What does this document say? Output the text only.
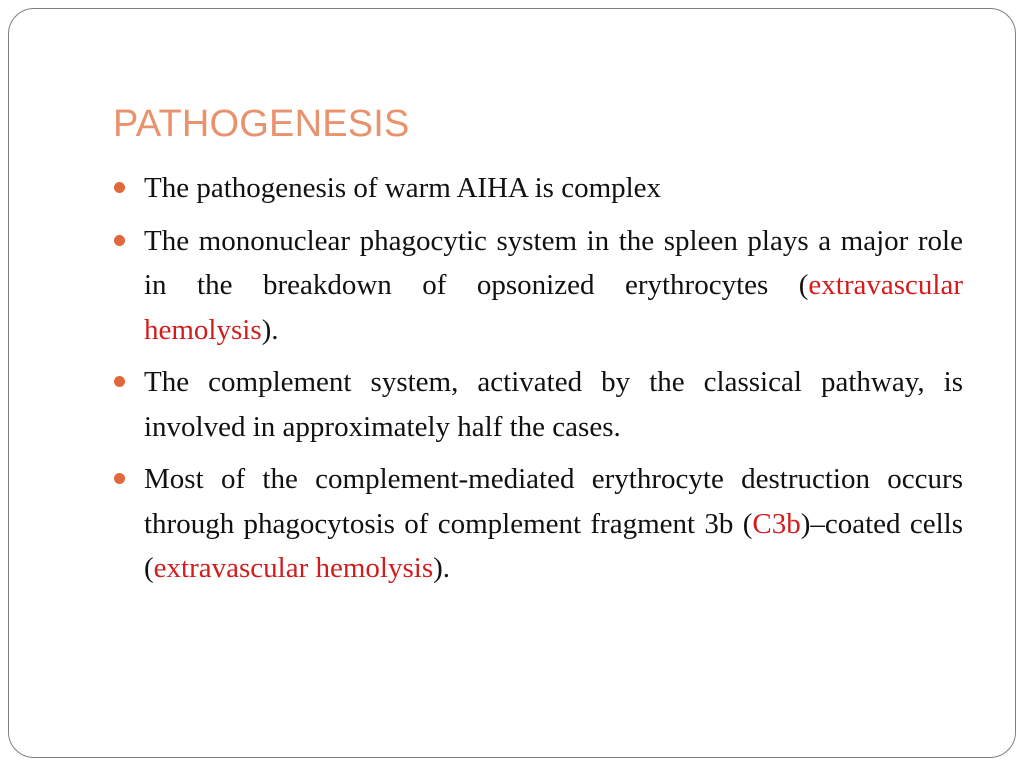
PATHOGENESIS
The pathogenesis of warm AIHA is complex
The mononuclear phagocytic system in the spleen plays a major role in the breakdown of opsonized erythrocytes (extravascular hemolysis).
The complement system, activated by the classical pathway, is involved in approximately half the cases.
Most of the complement-mediated erythrocyte destruction occurs through phagocytosis of complement fragment 3b (C3b)–coated cells (extravascular hemolysis).
